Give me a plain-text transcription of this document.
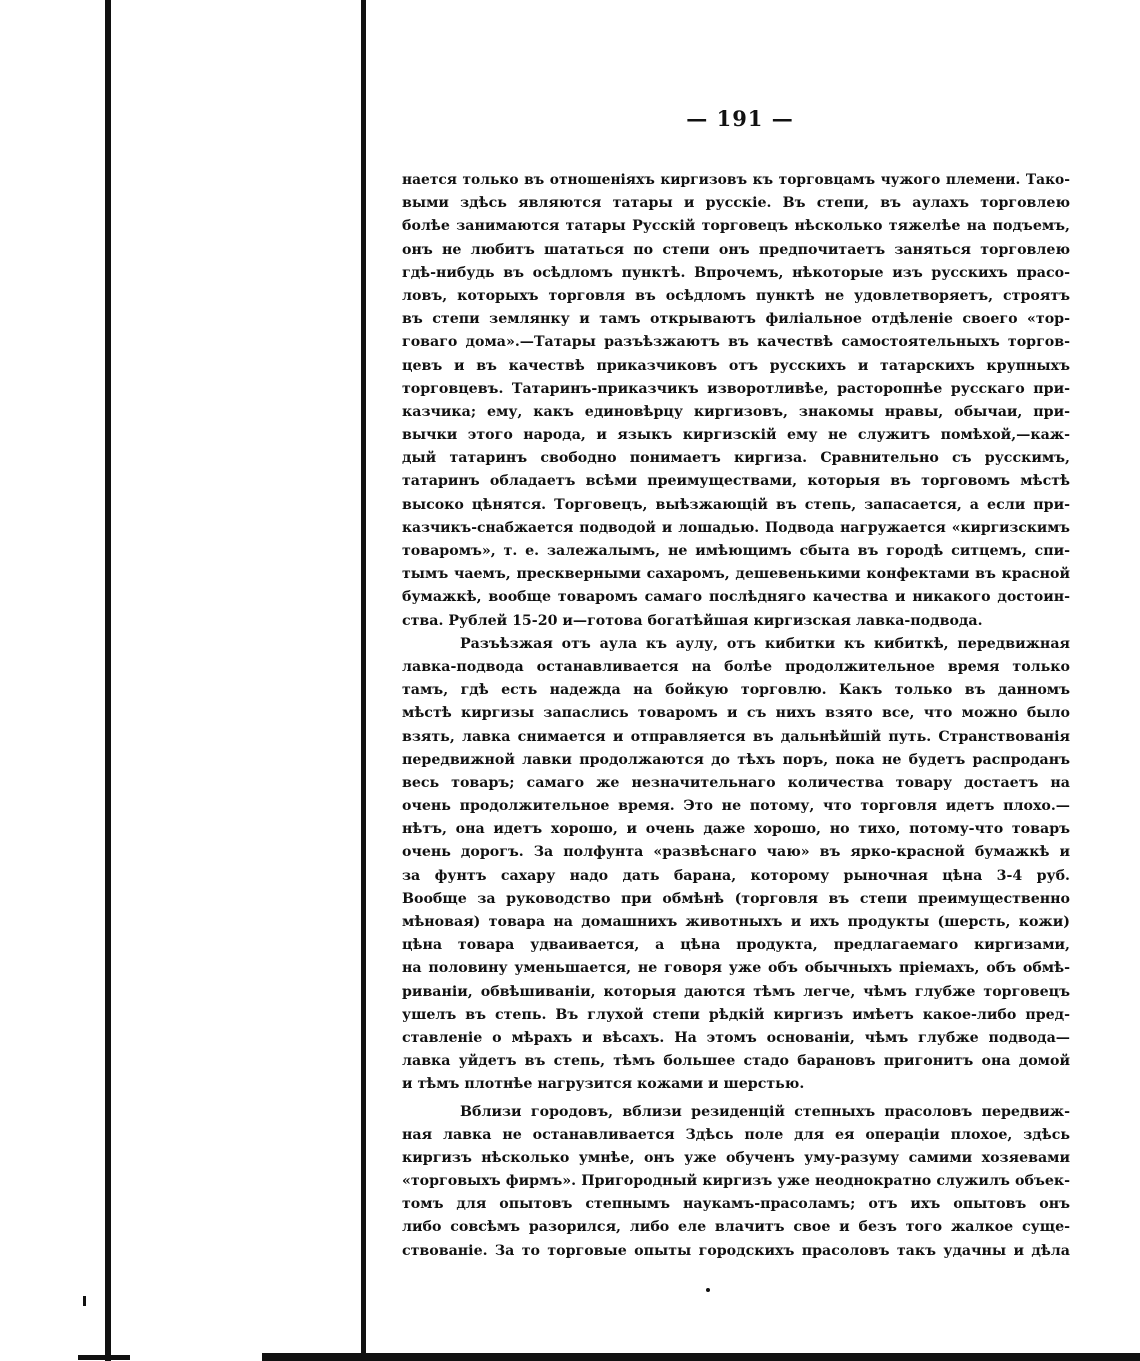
— 191 —
нается только въ отношеніяхъ киргизовъ къ торговцамъ чужого племени. Тако-
выми здѣсь являются татары и русскіе. Въ степи, въ аулахъ торговлею
болѣе занимаются татары Русскій торговецъ нѣсколько тяжелѣе на подъемъ,
онъ не любитъ шататься по степи онъ предпочитаетъ заняться торговлею
гдѣ-нибудь въ осѣдломъ пунктѣ. Впрочемъ, нѣкоторые изъ русскихъ прасо-
ловъ, которыхъ торговля въ осѣдломъ пунктѣ не удовлетворяетъ, строятъ
въ степи землянку и тамъ открываютъ филіальное отдѣленіе своего «тор-
говаго дома».—Татары разъѣзжаютъ въ качествѣ самостоятельныхъ торгов-
цевъ и въ качествѣ приказчиковъ отъ русскихъ и татарскихъ крупныхъ
торговцевъ. Татаринъ-приказчикъ изворотливѣе, расторопнѣе русскаго при-
казчика; ему, какъ единовѣрцу киргизовъ, знакомы нравы, обычаи, при-
вычки этого народа, и языкъ киргизскій ему не служитъ помѣхой,—каж-
дый татаринъ свободно понимаетъ киргиза. Сравнительно съ русскимъ,
татаринъ обладаетъ всѣми преимуществами, которыя въ торговомъ мѣстѣ
высоко цѣнятся. Торговецъ, выѣзжающій въ степь, запасается, а если при-
казчикъ-снабжается подводой и лошадью. Подвода нагружается «киргизскимъ
товаромъ», т. е. залежалымъ, не имѣющимъ сбыта въ городѣ ситцемъ, спи-
тымъ чаемъ, прескверными сахаромъ, дешевенькими конфектами въ красной
бумажкѣ, вообще товаромъ самаго послѣдняго качества и никакого достоин-
ства. Рублей 15-20 и—готова богатѣйшая киргизская лавка-подвода.
Разъѣзжая отъ аула къ аулу, отъ кибитки къ кибиткѣ, передвижная
лавка-подвода останавливается на болѣе продолжительное время только
тамъ, гдѣ есть надежда на бойкую торговлю. Какъ только въ данномъ
мѣстѣ киргизы запаслись товаромъ и съ нихъ взято все, что можно было
взять, лавка снимается и отправляется въ дальнѣйшій путь. Странствованія
передвижной лавки продолжаются до тѣхъ поръ, пока не будетъ распроданъ
весь товаръ; самаго же незначительнаго количества товару достаетъ на
очень продолжительное время. Это не потому, что торговля идетъ плохо.—
нѣтъ, она идетъ хорошо, и очень даже хорошо, но тихо, потому-что товаръ
очень дорогъ. За полфунта «развѣснаго чаю» въ ярко-красной бумажкѣ и
за фунтъ сахару надо дать барана, которому рыночная цѣна 3-4 руб.
Вообще за руководство при обмѣнѣ (торговля въ степи преимущественно
мѣновая) товара на домашнихъ животныхъ и ихъ продукты (шерсть, кожи)
цѣна товара удваивается, а цѣна продукта, предлагаемаго киргизами,
на половину уменьшается, не говоря уже объ обычныхъ пріемахъ, объ обмѣ-
риваніи, обвѣшиваніи, которыя даются тѣмъ легче, чѣмъ глубже торговецъ
ушелъ въ степь. Въ глухой степи рѣдкій киргизъ имѣетъ какое-либо пред-
ставленіе о мѣрахъ и вѣсахъ. На этомъ основаніи, чѣмъ глубже подвода—
лавка уйдетъ въ степь, тѣмъ большее стадо барановъ пригонитъ она домой
и тѣмъ плотнѣе нагрузится кожами и шерстью.
Вблизи городовъ, вблизи резиденцій степныхъ прасоловъ передвиж-
ная лавка не останавливается Здѣсь поле для ея операціи плохое, здѣсь
киргизъ нѣсколько умнѣе, онъ уже обученъ уму-разуму самими хозяевами
«торговыхъ фирмъ». Пригородный киргизъ уже неоднократно служилъ объек-
томъ для опытовъ степнымъ наукамъ-прасоламъ; отъ ихъ опытовъ онъ
либо совсѣмъ разорился, либо еле влачитъ свое и безъ того жалкое суще-
ствованіе. За то торговые опыты городскихъ прасоловъ такъ удачны и дѣла
